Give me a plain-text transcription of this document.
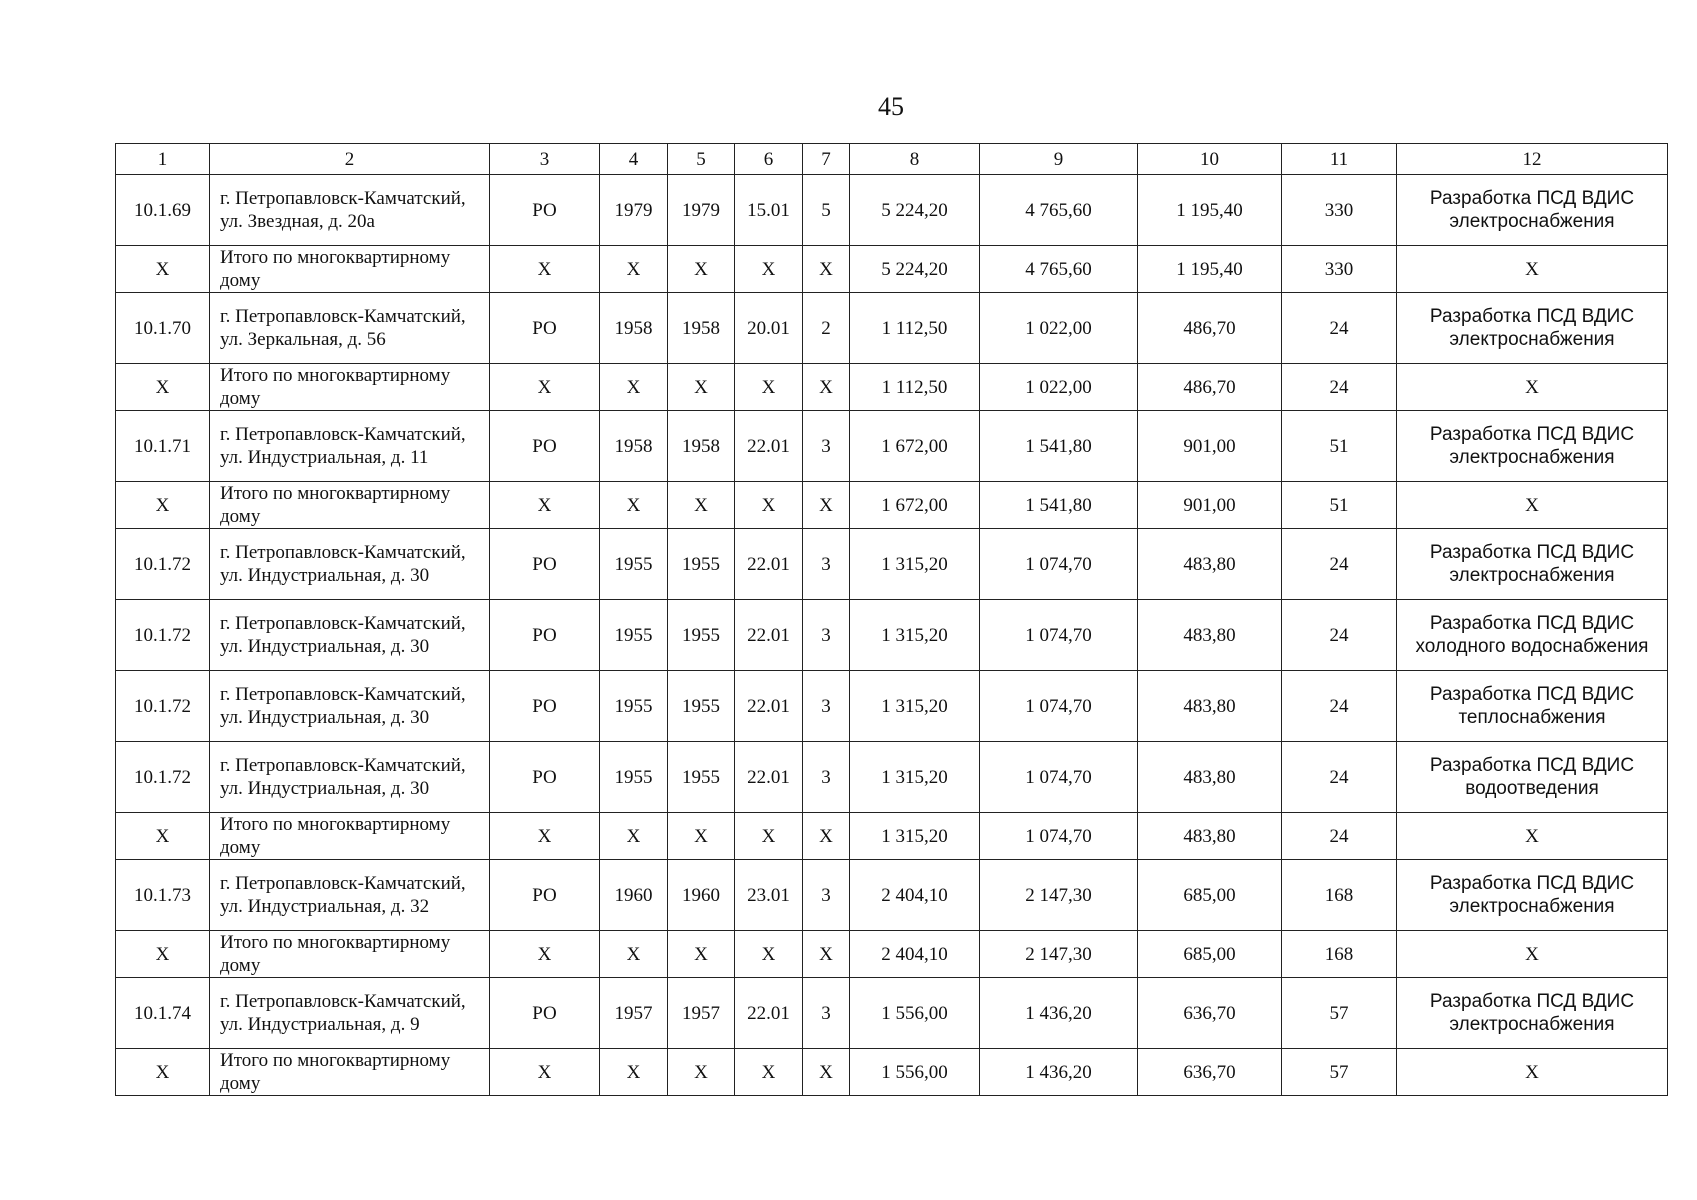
45
1	2	3	4	5	6	7	8	9	10	11	12
10.1.69	г. Петропавловск-Камчатский, ул. Звездная, д. 20а	РО	1979	1979	15.01	5	5 224,20	4 765,60	1 195,40	330	Разработка ПСД ВДИС электроснабжения
Х	Итого по многоквартирному дому	Х	Х	Х	Х	Х	5 224,20	4 765,60	1 195,40	330	Х
10.1.70	г. Петропавловск-Камчатский, ул. Зеркальная, д. 56	РО	1958	1958	20.01	2	1 112,50	1 022,00	486,70	24	Разработка ПСД ВДИС электроснабжения
Х	Итого по многоквартирному дому	Х	Х	Х	Х	Х	1 112,50	1 022,00	486,70	24	Х
10.1.71	г. Петропавловск-Камчатский, ул. Индустриальная, д. 11	РО	1958	1958	22.01	3	1 672,00	1 541,80	901,00	51	Разработка ПСД ВДИС электроснабжения
Х	Итого по многоквартирному дому	Х	Х	Х	Х	Х	1 672,00	1 541,80	901,00	51	Х
10.1.72	г. Петропавловск-Камчатский, ул. Индустриальная, д. 30	РО	1955	1955	22.01	3	1 315,20	1 074,70	483,80	24	Разработка ПСД ВДИС электроснабжения
10.1.72	г. Петропавловск-Камчатский, ул. Индустриальная, д. 30	РО	1955	1955	22.01	3	1 315,20	1 074,70	483,80	24	Разработка ПСД ВДИС холодного водоснабжения
10.1.72	г. Петропавловск-Камчатский, ул. Индустриальная, д. 30	РО	1955	1955	22.01	3	1 315,20	1 074,70	483,80	24	Разработка ПСД ВДИС теплоснабжения
10.1.72	г. Петропавловск-Камчатский, ул. Индустриальная, д. 30	РО	1955	1955	22.01	3	1 315,20	1 074,70	483,80	24	Разработка ПСД ВДИС водоотведения
Х	Итого по многоквартирному дому	Х	Х	Х	Х	Х	1 315,20	1 074,70	483,80	24	Х
10.1.73	г. Петропавловск-Камчатский, ул. Индустриальная, д. 32	РО	1960	1960	23.01	3	2 404,10	2 147,30	685,00	168	Разработка ПСД ВДИС электроснабжения
Х	Итого по многоквартирному дому	Х	Х	Х	Х	Х	2 404,10	2 147,30	685,00	168	Х
10.1.74	г. Петропавловск-Камчатский, ул. Индустриальная, д. 9	РО	1957	1957	22.01	3	1 556,00	1 436,20	636,70	57	Разработка ПСД ВДИС электроснабжения
Х	Итого по многоквартирному дому	Х	Х	Х	Х	Х	1 556,00	1 436,20	636,70	57	Х
